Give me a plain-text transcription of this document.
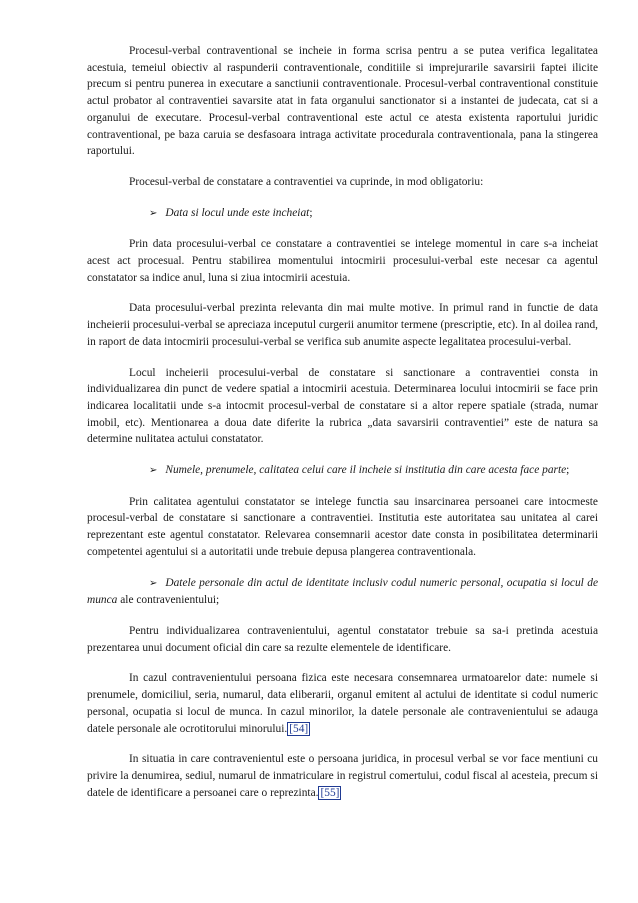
Procesul-verbal contraventional se incheie in forma scrisa pentru a se putea verifica legalitatea acestuia, temeiul obiectiv al raspunderii contraventionale, conditiile si imprejurarile savarsirii faptei ilicite precum si pentru punerea in executare a sanctiunii contraventionale. Procesul-verbal contraventional constituie actul probator al contraventiei savarsite atat in fata organului sanctionator si a instantei de judecata, cat si a organului de executare. Procesul-verbal contraventional este actul ce atesta existenta raportului juridic contraventional, pe baza caruia se desfasoara intraga activitate procedurala contraventionala, pana la stingerea raportului.

Procesul-verbal de constatare a contraventiei va cuprinde, in mod obligatoriu:

➢ Data si locul unde este incheiat;

Prin data procesului-verbal ce constatare a contraventiei se intelege momentul in care s-a incheiat acest act procesual. Pentru stabilirea momentului intocmirii procesului-verbal este necesar ca agentul constatator sa indice anul, luna si ziua intocmirii acestuia.

Data procesului-verbal prezinta relevanta din mai multe motive. In primul rand in functie de data incheierii procesului-verbal se apreciaza inceputul curgerii anumitor termene (prescriptie, etc). In al doilea rand, in raport de data intocmirii procesului-verbal se verifica sub anumite aspecte legalitatea procesului-verbal.

Locul incheierii procesului-verbal de constatare si sanctionare a contraventiei consta in individualizarea din punct de vedere spatial a intocmirii acestuia. Determinarea locului intocmirii se face prin indicarea localitatii unde s-a intocmit procesul-verbal de constatare si a altor repere spatiale (strada, numar imobil, etc). Mentionarea a doua date diferite la rubrica „data savarsirii contraventiei” este de natura sa determine nulitatea actului constatator.

➢ Numele, prenumele, calitatea celui care il incheie si institutia din care acesta face parte;

Prin calitatea agentului constatator se intelege functia sau insarcinarea persoanei care intocmeste procesul-verbal de constatare si sanctionare a contraventiei. Institutia este autoritatea sau unitatea al carei reprezentant este agentul constatator. Relevarea consemnarii acestor date consta in posibilitatea determinarii competentei agentului si a autoritatii unde trebuie depusa plangerea contraventionala.

➢ Datele personale din actul de identitate inclusiv codul numeric personal, ocupatia si locul de munca ale contravenientului;

Pentru individualizarea contravenientului, agentul constatator trebuie sa sa-i pretinda acestuia prezentarea unui document oficial din care sa rezulte elementele de identificare.

In cazul contravenientului persoana fizica este necesara consemnarea urmatoarelor date: numele si prenumele, domiciliul, seria, numarul, data eliberarii, organul emitent al actului de identitate si codul numeric personal, ocupatia si locul de munca. In cazul minorilor, la datele personale ale contravenientului se adauga datele personale ale ocrotitorului minorului. [54]

In situatia in care contravenientul este o persoana juridica, in procesul verbal se vor face mentiuni cu privire la denumirea, sediul, numarul de inmatriculare in registrul comertului, codul fiscal al acesteia, precum si datele de identificare a persoanei care o reprezinta. [55]
